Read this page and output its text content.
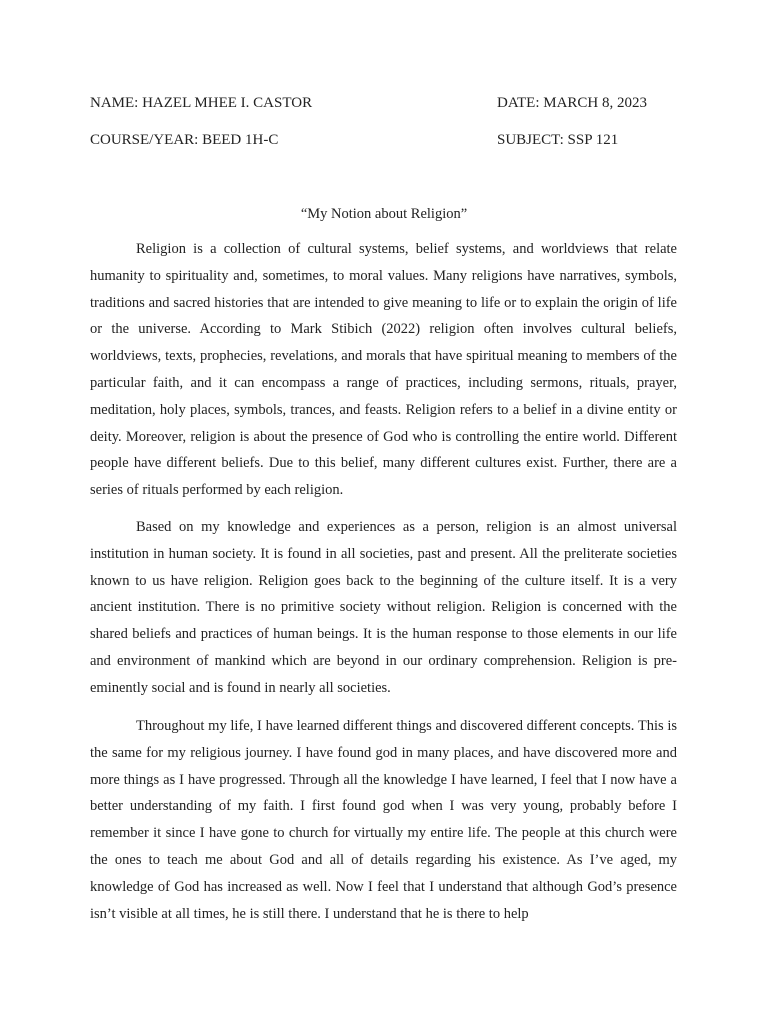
NAME: HAZEL MHEE I. CASTOR	DATE: MARCH 8, 2023
COURSE/YEAR: BEED 1H-C	SUBJECT: SSP 121
“My Notion about Religion”

Religion is a collection of cultural systems, belief systems, and worldviews that relate humanity to spirituality and, sometimes, to moral values. Many religions have narratives, symbols, traditions and sacred histories that are intended to give meaning to life or to explain the origin of life or the universe. According to Mark Stibich (2022) religion often involves cultural beliefs, worldviews, texts, prophecies, revelations, and morals that have spiritual meaning to members of the particular faith, and it can encompass a range of practices, including sermons, rituals, prayer, meditation, holy places, symbols, trances, and feasts. Religion refers to a belief in a divine entity or deity. Moreover, religion is about the presence of God who is controlling the entire world. Different people have different beliefs. Due to this belief, many different cultures exist. Further, there are a series of rituals performed by each religion.

Based on my knowledge and experiences as a person, religion is an almost universal institution in human society. It is found in all societies, past and present. All the preliterate societies known to us have religion. Religion goes back to the beginning of the culture itself. It is a very ancient institution. There is no primitive society without religion. Religion is concerned with the shared beliefs and practices of human beings. It is the human response to those elements in our life and environment of mankind which are beyond in our ordinary comprehension. Religion is pre-eminently social and is found in nearly all societies.

Throughout my life, I have learned different things and discovered different concepts. This is the same for my religious journey. I have found god in many places, and have discovered more and more things as I have progressed. Through all the knowledge I have learned, I feel that I now have a better understanding of my faith. I first found god when I was very young, probably before I remember it since I have gone to church for virtually my entire life. The people at this church were the ones to teach me about God and all of details regarding his existence. As I’ve aged, my knowledge of God has increased as well. Now I feel that I understand that although God’s presence isn’t visible at all times, he is still there. I understand that he is there to help
